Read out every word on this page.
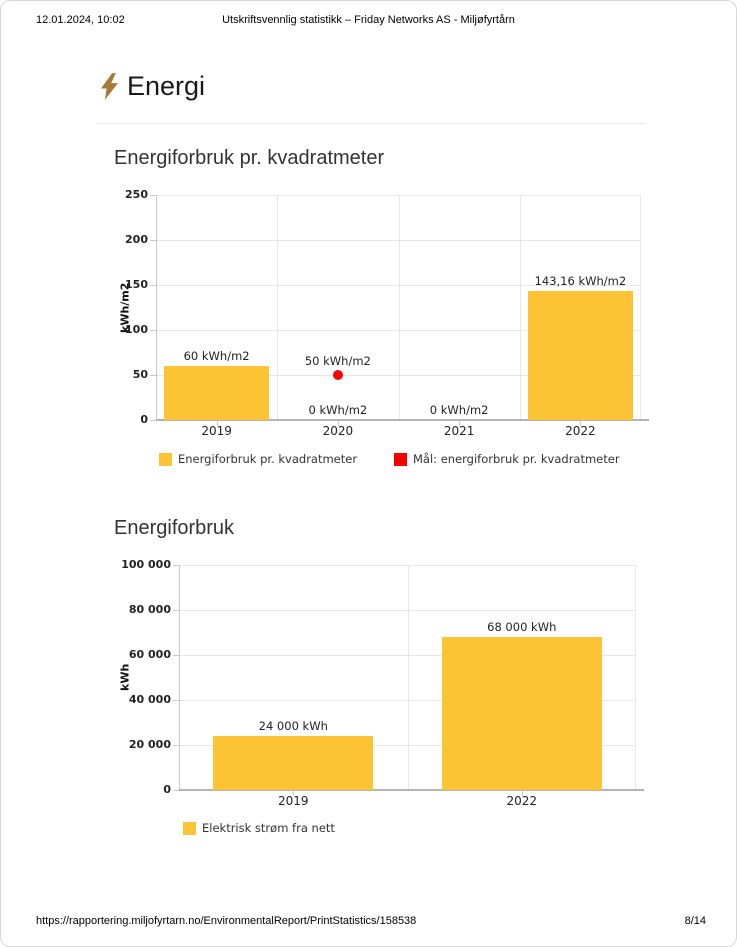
12.01.2024, 10:02	Utskriftsvennlig statistikk – Friday Networks AS - Miljøfyrtårn
Energi
Energiforbruk pr. kvadratmeter
kWh/m2
0
50
100
150
200
250
2019	2020	2021	2022
60 kWh/m2
0 kWh/m2	0 kWh/m2
143,16 kWh/m2
50 kWh/m2
Energiforbruk pr. kvadratmeter	Mål: energiforbruk pr. kvadratmeter
Energiforbruk
kWh
0
20 000
40 000
60 000
80 000
100 000
2019	2022
24 000 kWh
68 000 kWh
Elektrisk strøm fra nett
https://rapportering.miljofyrtarn.no/EnvironmentalReport/PrintStatistics/158538	8/14
